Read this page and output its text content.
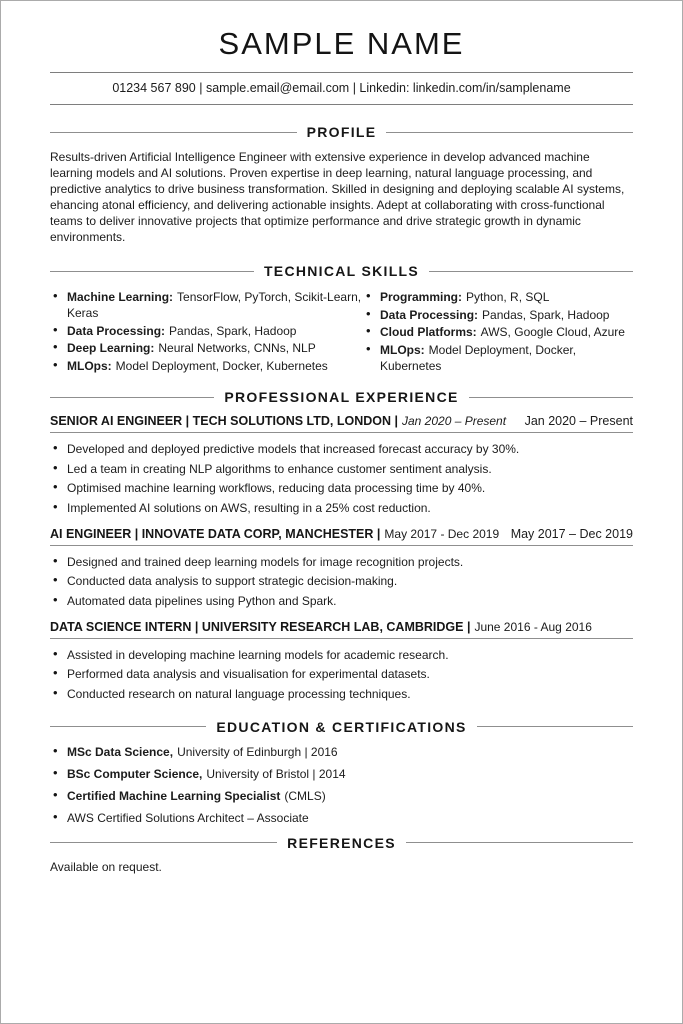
SAMPLE NAME
01234 567 890 | sample.email@email.com | Linkedin: linkedin.com/in/samplename
PROFILE

Results-driven Artificial Intelligence Engineer with extensive experience in develop advanced machine learning models and AI solutions. Proven expertise in deep learning, natural language processing, and predictive analytics to drive business transformation. Skilled in designing and deploying scalable AI systems, ehancing atonal efficiency, and delivering actionable insights. Adept at collaborating with cross-functional teams to deliver innovative projects that optimize performance and drive strategic growth in dynamic environments.

TECHNICAL SKILLS
• Machine Learning: TensorFlow, PyTorch, Scikit-Learn, Keras
• Data Processing: Pandas, Spark, Hadoop
• Deep Learning: Neural Networks, CNNs, NLP
• MLOps: Model Deployment, Docker, Kubernetes
• Programming: Python, R, SQL
• Data Processing: Pandas, Spark, Hadoop
• Cloud Platforms: AWS, Google Cloud, Azure
• MLOps: Model Deployment, Docker, Kubernetes
PROFESSIONAL EXPERIENCE
SENIOR AI ENGINEER | TECH SOLUTIONS LTD, LONDON | Jan 2020 – Present Jan 2020 – Present
• Developed and deployed predictive models that increased forecast accuracy by 30%.
• Led a team in creating NLP algorithms to enhance customer sentiment analysis.
• Optimised machine learning workflows, reducing data processing time by 40%.
• Implemented AI solutions on AWS, resulting in a 25% cost reduction.
AI ENGINEER | INNOVATE DATA CORP, MANCHESTER | May 2017 - Dec 2019 May 2017 – Dec 2019
• Designed and trained deep learning models for image recognition projects.
• Conducted data analysis to support strategic decision-making.
• Automated data pipelines using Python and Spark.
DATA SCIENCE INTERN | UNIVERSITY RESEARCH LAB, CAMBRIDGE | June 2016 - Aug 2016
• Assisted in developing machine learning models for academic research.
• Performed data analysis and visualisation for experimental datasets.
• Conducted research on natural language processing techniques.
EDUCATION & CERTIFICATIONS
• MSc Data Science, University of Edinburgh | 2016
• BSc Computer Science, University of Bristol | 2014
• Certified Machine Learning Specialist (CMLS)
• AWS Certified Solutions Architect – Associate
REFERENCES

Available on request.
